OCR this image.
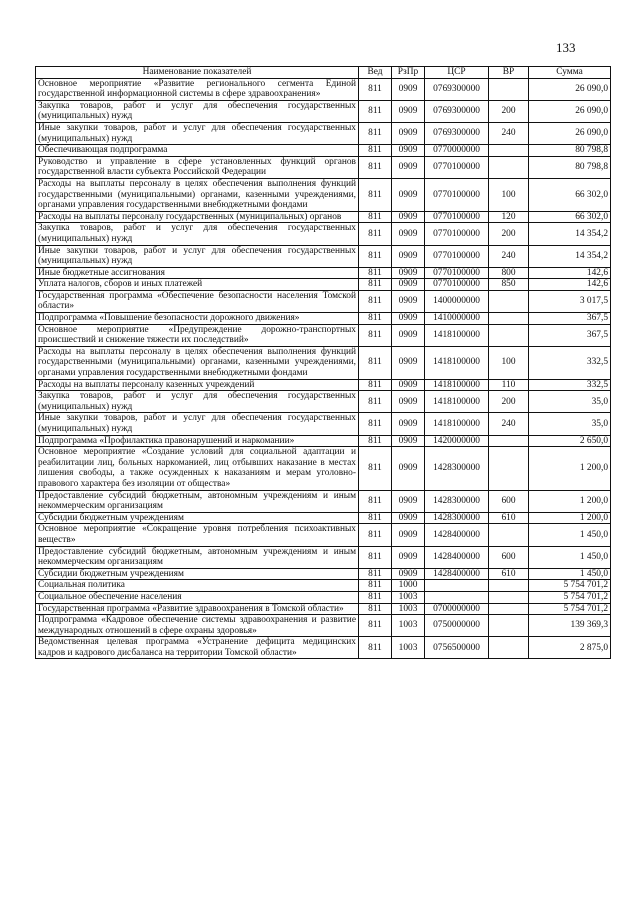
133
Наименование показателей	Вед	РзПр	ЦСР	ВР	Сумма
Основное мероприятие «Развитие регионального сегмента Единой государственной информационной системы в сфере здравоохранения»	811	0909	0769300000		26 090,0
Закупка товаров, работ и услуг для обеспечения государственных (муниципальных) нужд	811	0909	0769300000	200	26 090,0
Иные закупки товаров, работ и услуг для обеспечения государственных (муниципальных) нужд	811	0909	0769300000	240	26 090,0
Обеспечивающая подпрограмма	811	0909	0770000000		80 798,8
Руководство и управление в сфере установленных функций органов государственной власти субъекта Российской Федерации	811	0909	0770100000		80 798,8
Расходы на выплаты персоналу в целях обеспечения выполнения функций государственными (муниципальными) органами, казенными учреждениями, органами управления государственными внебюджетными фондами	811	0909	0770100000	100	66 302,0
Расходы на выплаты персоналу государственных (муниципальных) органов	811	0909	0770100000	120	66 302,0
Закупка товаров, работ и услуг для обеспечения государственных (муниципальных) нужд	811	0909	0770100000	200	14 354,2
Иные закупки товаров, работ и услуг для обеспечения государственных (муниципальных) нужд	811	0909	0770100000	240	14 354,2
Иные бюджетные ассигнования	811	0909	0770100000	800	142,6
Уплата налогов, сборов и иных платежей	811	0909	0770100000	850	142,6
Государственная программа «Обеспечение безопасности населения Томской области»	811	0909	1400000000		3 017,5
Подпрограмма «Повышение безопасности дорожного движения»	811	0909	1410000000		367,5
Основное мероприятие «Предупреждение дорожно-транспортных происшествий и снижение тяжести их последствий»	811	0909	1418100000		367,5
Расходы на выплаты персоналу в целях обеспечения выполнения функций государственными (муниципальными) органами, казенными учреждениями, органами управления государственными внебюджетными фондами	811	0909	1418100000	100	332,5
Расходы на выплаты персоналу казенных учреждений	811	0909	1418100000	110	332,5
Закупка товаров, работ и услуг для обеспечения государственных (муниципальных) нужд	811	0909	1418100000	200	35,0
Иные закупки товаров, работ и услуг для обеспечения государственных (муниципальных) нужд	811	0909	1418100000	240	35,0
Подпрограмма «Профилактика правонарушений и наркомании»	811	0909	1420000000		2 650,0
Основное мероприятие «Создание условий для социальной адаптации и реабилитации лиц, больных наркоманией, лиц отбывших наказание в местах лишения свободы, а также осужденных к наказаниям и мерам уголовно-правового характера без изоляции от общества»	811	0909	1428300000		1 200,0
Предоставление субсидий бюджетным, автономным учреждениям и иным некоммерческим организациям	811	0909	1428300000	600	1 200,0
Субсидии бюджетным учреждениям	811	0909	1428300000	610	1 200,0
Основное мероприятие «Сокращение уровня потребления психоактивных веществ»	811	0909	1428400000		1 450,0
Предоставление субсидий бюджетным, автономным учреждениям и иным некоммерческим организациям	811	0909	1428400000	600	1 450,0
Субсидии бюджетным учреждениям	811	0909	1428400000	610	1 450,0
Социальная политика	811	1000			5 754 701,2
Социальное обеспечение населения	811	1003			5 754 701,2
Государственная программа «Развитие здравоохранения в Томской области»	811	1003	0700000000		5 754 701,2
Подпрограмма «Кадровое обеспечение системы здравоохранения и развитие международных отношений в сфере охраны здоровья»	811	1003	0750000000		139 369,3
Ведомственная целевая программа «Устранение дефицита медицинских кадров и кадрового дисбаланса на территории Томской области»	811	1003	0756500000		2 875,0
